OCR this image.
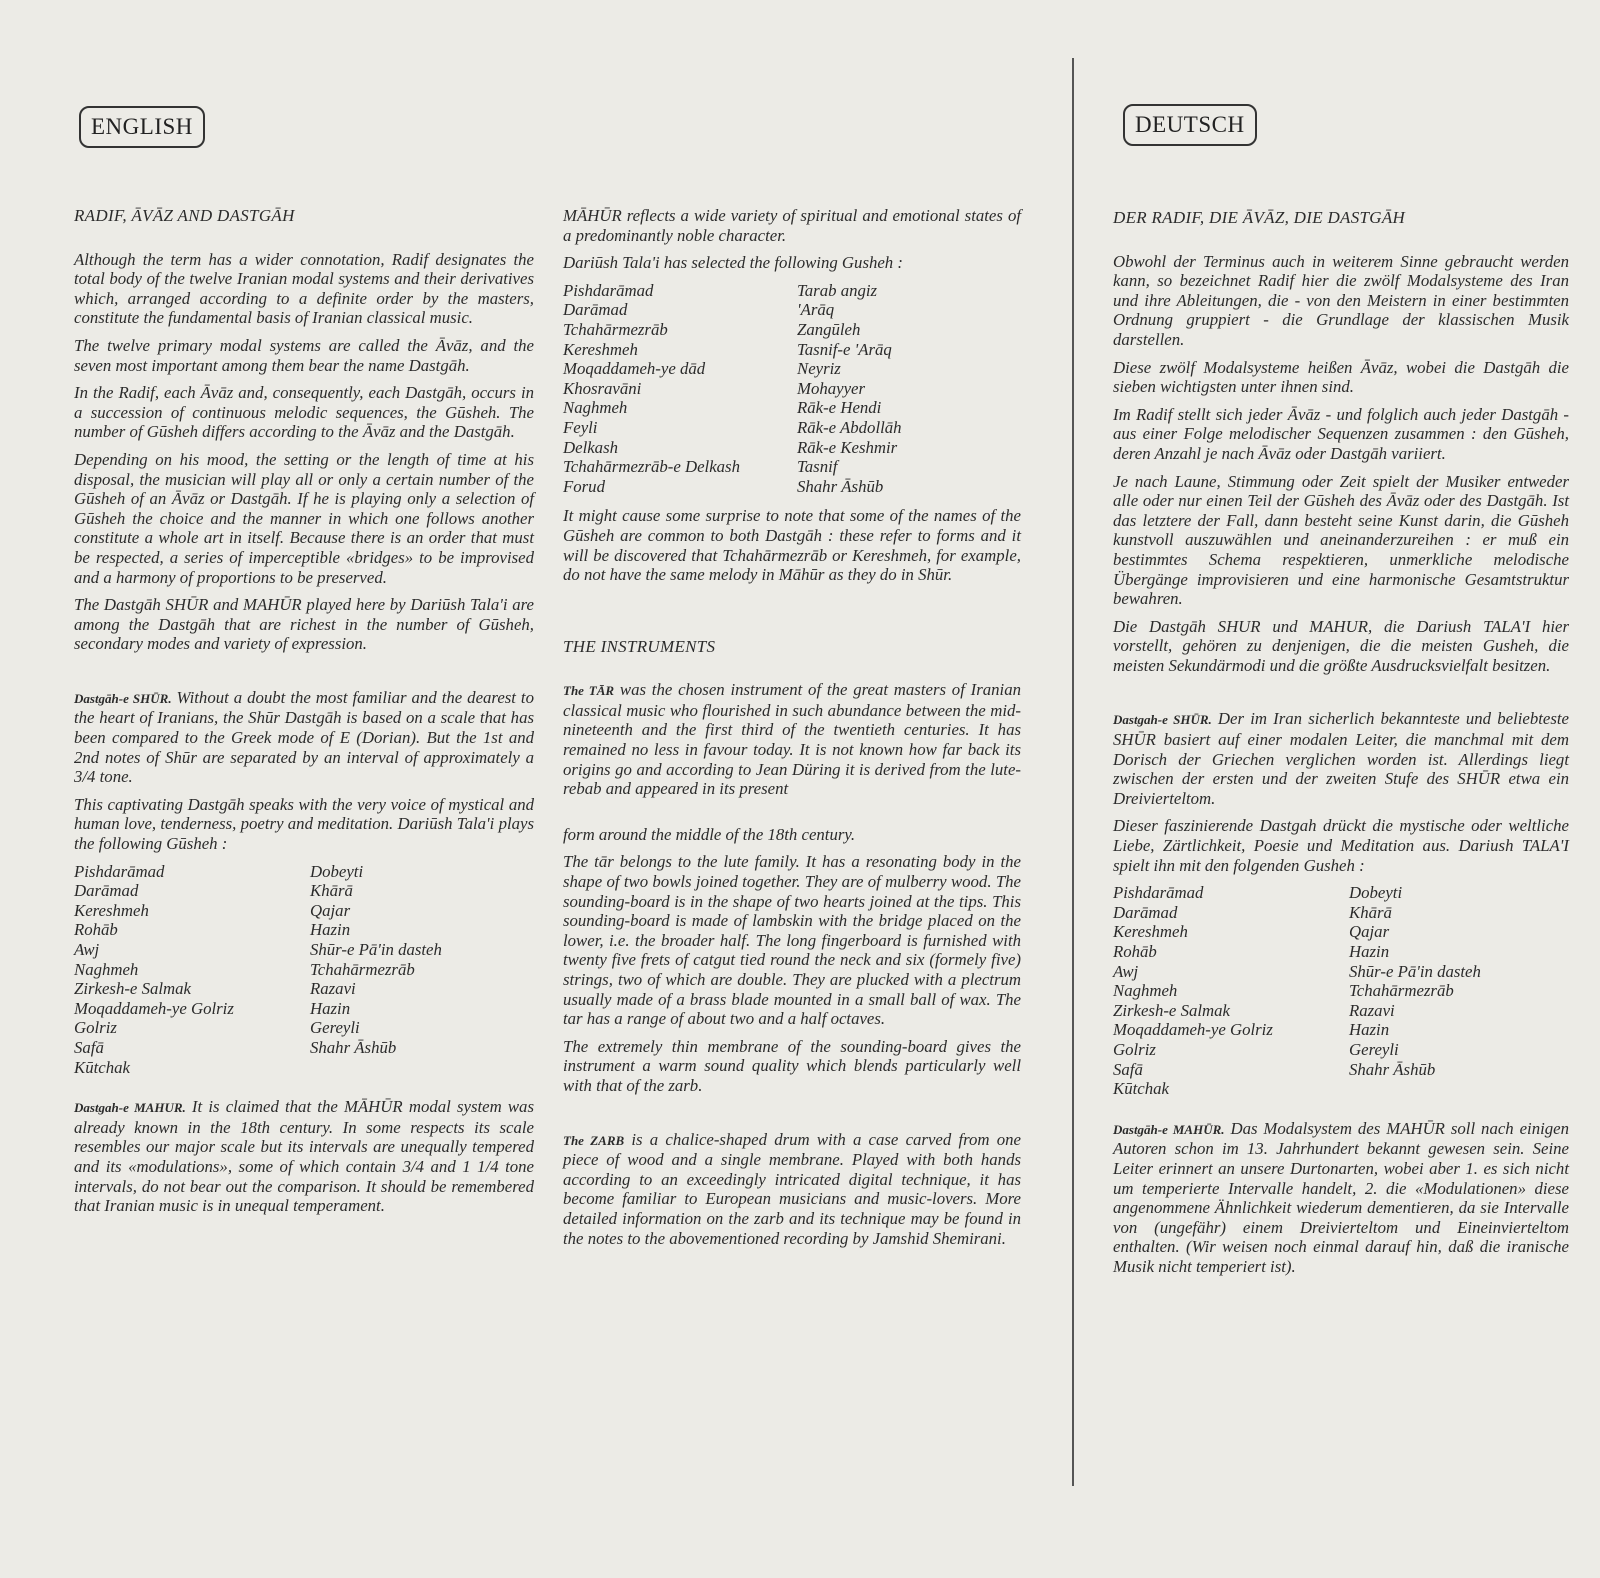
ENGLISH	DEUTSCH
RADIF, ĀVĀZ AND DASTGĀH

Although the term has a wider connotation, Radif designates the total body of the twelve Iranian modal systems and their derivatives which, arranged according to a definite order by the masters, constitute the fundamental basis of Iranian classical music.

The twelve primary modal systems are called the Āvāz, and the seven most important among them bear the name Dastgāh.

In the Radif, each Āvāz and, consequently, each Dastgāh, occurs in a succession of continuous melodic sequences, the Gūsheh. The number of Gūsheh differs according to the Āvāz and the Dastgāh.

Depending on his mood, the setting or the length of time at his disposal, the musician will play all or only a certain number of the Gūsheh of an Āvāz or Dastgāh. If he is playing only a selection of Gūsheh the choice and the manner in which one follows another constitute a whole art in itself. Because there is an order that must be respected, a series of imperceptible «bridges» to be improvised and a harmony of proportions to be preserved.

The Dastgāh SHŪR and MAHŪR played here by Dariūsh Tala'i are among the Dastgāh that are richest in the number of Gūsheh, secondary modes and variety of expression.

Dastgāh-e SHŪR. Without a doubt the most familiar and the dearest to the heart of Iranians, the Shūr Dastgāh is based on a scale that has been compared to the Greek mode of E (Dorian). But the 1st and 2nd notes of Shūr are separated by an interval of approximately a 3/4 tone.

This captivating Dastgāh speaks with the very voice of mystical and human love, tenderness, poetry and meditation. Dariūsh Tala'i plays the following Gūsheh :

Pishdarāmad	Dobeyti
Darāmad	Khārā
Kereshmeh	Qajar
Rohāb	Hazin
Awj	Shūr-e Pā'in dasteh
Naghmeh	Tchahārmezrāb
Zirkesh-e Salmak	Razavi
Moqaddameh-ye Golriz	Hazin
Golriz	Gereyli
Safā	Shahr Āshūb
Kūtchak

Dastgah-e MAHUR. It is claimed that the MĀHŪR modal system was already known in the 18th century. In some respects its scale resembles our major scale but its intervals are unequally tempered and its «modulations», some of which contain 3/4 and 1 1/4 tone intervals, do not bear out the comparison. It should be remembered that Iranian music is in unequal temperament.

MĀHŪR reflects a wide variety of spiritual and emotional states of a predominantly noble character.

Dariūsh Tala'i has selected the following Gusheh :

Pishdarāmad	Tarab angiz
Darāmad	'Arāq
Tchahārmezrāb	Zangūleh
Kereshmeh	Tasnif-e 'Arāq
Moqaddameh-ye dād	Neyriz
Khosravāni	Mohayyer
Naghmeh	Rāk-e Hendi
Feyli	Rāk-e Abdollāh
Delkash	Rāk-e Keshmir
Tchahārmezrāb-e Delkash	Tasnif
Forud	Shahr Āshūb

It might cause some surprise to note that some of the names of the Gūsheh are common to both Dastgāh : these refer to forms and it will be discovered that Tchahārmezrāb or Kereshmeh, for example, do not have the same melody in Māhūr as they do in Shūr.

THE INSTRUMENTS

The TĀR was the chosen instrument of the great masters of Iranian classical music who flourished in such abundance between the mid-nineteenth and the first third of the twentieth centuries. It has remained no less in favour today. It is not known how far back its origins go and according to Jean Düring it is derived from the lute-rebab and appeared in its present

form around the middle of the 18th century.

The tār belongs to the lute family. It has a resonating body in the shape of two bowls joined together. They are of mulberry wood. The sounding-board is in the shape of two hearts joined at the tips. This sounding-board is made of lambskin with the bridge placed on the lower, i.e. the broader half. The long fingerboard is furnished with twenty five frets of catgut tied round the neck and six (formely five) strings, two of which are double. They are plucked with a plectrum usually made of a brass blade mounted in a small ball of wax. The tar has a range of about two and a half octaves.

The extremely thin membrane of the sounding-board gives the instrument a warm sound quality which blends particularly well with that of the zarb.

The ZARB is a chalice-shaped drum with a case carved from one piece of wood and a single membrane. Played with both hands according to an exceedingly intricated digital technique, it has become familiar to European musicians and music-lovers. More detailed information on the zarb and its technique may be found in the notes to the abovementioned recording by Jamshid Shemirani.

DER RADIF, DIE ĀVĀZ, DIE DASTGĀH

Obwohl der Terminus auch in weiterem Sinne gebraucht werden kann, so bezeichnet Radif hier die zwölf Modalsysteme des Iran und ihre Ableitungen, die - von den Meistern in einer bestimmten Ordnung gruppiert - die Grundlage der klassischen Musik darstellen.

Diese zwölf Modalsysteme heißen Āvāz, wobei die Dastgāh die sieben wichtigsten unter ihnen sind.

Im Radif stellt sich jeder Āvāz - und folglich auch jeder Dastgāh - aus einer Folge melodischer Sequenzen zusammen : den Gūsheh, deren Anzahl je nach Āvāz oder Dastgāh variiert.

Je nach Laune, Stimmung oder Zeit spielt der Musiker entweder alle oder nur einen Teil der Gūsheh des Āvāz oder des Dastgāh. Ist das letztere der Fall, dann besteht seine Kunst darin, die Gūsheh kunstvoll auszuwählen und aneinanderzureihen : er muß ein bestimmtes Schema respektieren, unmerkliche melodische Übergänge improvisieren und eine harmonische Gesamtstruktur bewahren.

Die Dastgāh SHUR und MAHUR, die Dariush TALA'I hier vorstellt, gehören zu denjenigen, die die meisten Gusheh, die meisten Sekundärmodi und die größte Ausdrucksvielfalt besitzen.

Dastgah-e SHŪR. Der im Iran sicherlich bekannteste und beliebteste SHŪR basiert auf einer modalen Leiter, die manchmal mit dem Dorisch der Griechen verglichen worden ist. Allerdings liegt zwischen der ersten und der zweiten Stufe des SHŪR etwa ein Dreivierteltom.

Dieser faszinierende Dastgah drückt die mystische oder weltliche Liebe, Zärtlichkeit, Poesie und Meditation aus. Dariush TALA'I spielt ihn mit den folgenden Gusheh :

Pishdarāmad	Dobeyti
Darāmad	Khārā
Kereshmeh	Qajar
Rohāb	Hazin
Awj	Shūr-e Pā'in dasteh
Naghmeh	Tchahārmezrāb
Zirkesh-e Salmak	Razavi
Moqaddameh-ye Golriz	Hazin
Golriz	Gereyli
Safā	Shahr Āshūb
Kūtchak

Dastgāh-e MAHŪR. Das Modalsystem des MAHŪR soll nach einigen Autoren schon im 13. Jahrhundert bekannt gewesen sein. Seine Leiter erinnert an unsere Durtonarten, wobei aber 1. es sich nicht um temperierte Intervalle handelt, 2. die «Modulationen» diese angenommene Ähnlichkeit wiederum dementieren, da sie Intervalle von (ungefähr) einem Dreivierteltom und Eineinvierteltom enthalten. (Wir weisen noch einmal darauf hin, daß die iranische Musik nicht temperiert ist).
